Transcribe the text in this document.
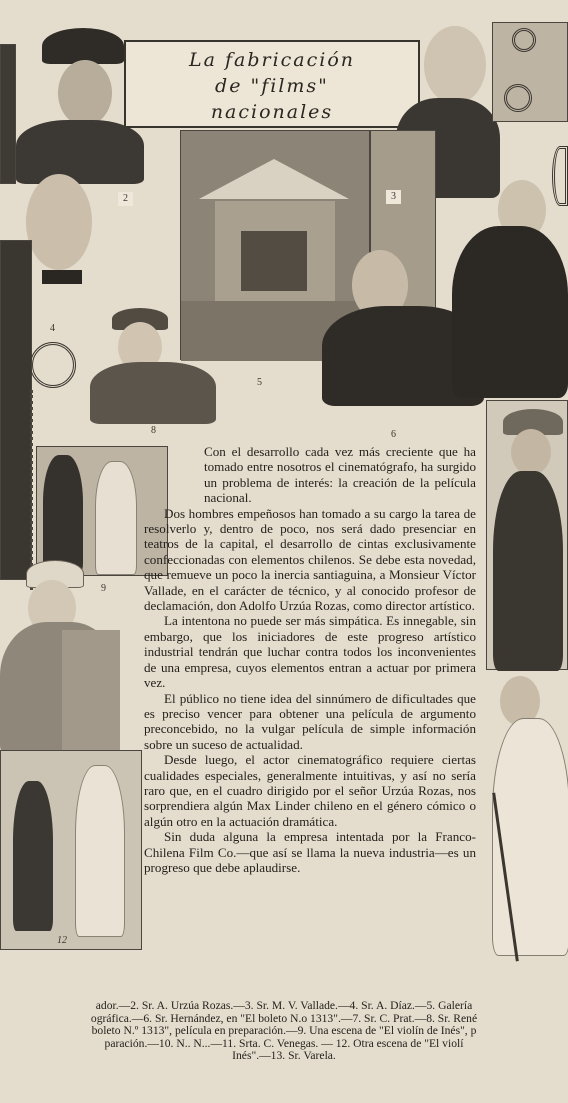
La fabricación
de "films"
nacionales
2	3
4
5
6
8
9
12
10

Con el desarrollo cada vez más creciente que ha tomado entre nosotros el cinematógrafo, ha surgido un problema de interés: la creación de la película nacional.

Dos hombres empeñosos han tomado a su cargo la tarea de resolverlo y, dentro de poco, nos será dado presenciar en teatros de la capital, el desarrollo de cintas exclusivamente confeccionadas con elementos chilenos. Se debe esta novedad, que remueve un poco la inercia santiaguina, a Monsieur Víctor Vallade, en el carácter de técnico, y al conocido profesor de declamación, don Adolfo Urzúa Rozas, como director artístico.

La intentona no puede ser más simpática. Es innegable, sin embargo, que los iniciadores de este progreso artístico industrial tendrán que luchar contra todos los inconvenientes de una empresa, cuyos elementos entran a actuar por primera vez.

El público no tiene idea del sinnúmero de dificultades que es preciso vencer para obtener una película de argumento preconcebido, no la vulgar película de simple información sobre un suceso de actualidad.

Desde luego, el actor cinematográfico requiere ciertas cualidades especiales, generalmente intuitivas, y así no sería raro que, en el cuadro dirigido por el señor Urzúa Rozas, nos sorprendiera algún Max Linder chileno en el género cómico o algún otro en la actuación dramática.

Sin duda alguna la empresa intentada por la Franco-Chilena Film Co.—que así se llama la nueva industria—es un progreso que debe aplaudirse.

ador.—2. Sr. A. Urzúa Rozas.—3. Sr. M. V. Vallade.—4. Sr. A. Díaz.—5. Galería
ográfica.—6. Sr. Hernández, en "El boleto N.o 1313".—7. Sr. C. Prat.—8. Sr. René
boleto N.º 1313", película en preparación.—9. Una escena de "El violín de Inés", p
paración.—10. N.. N...—11. Srta. C. Venegas. — 12. Otra escena de "El violí
Inés".—13. Sr. Varela.
